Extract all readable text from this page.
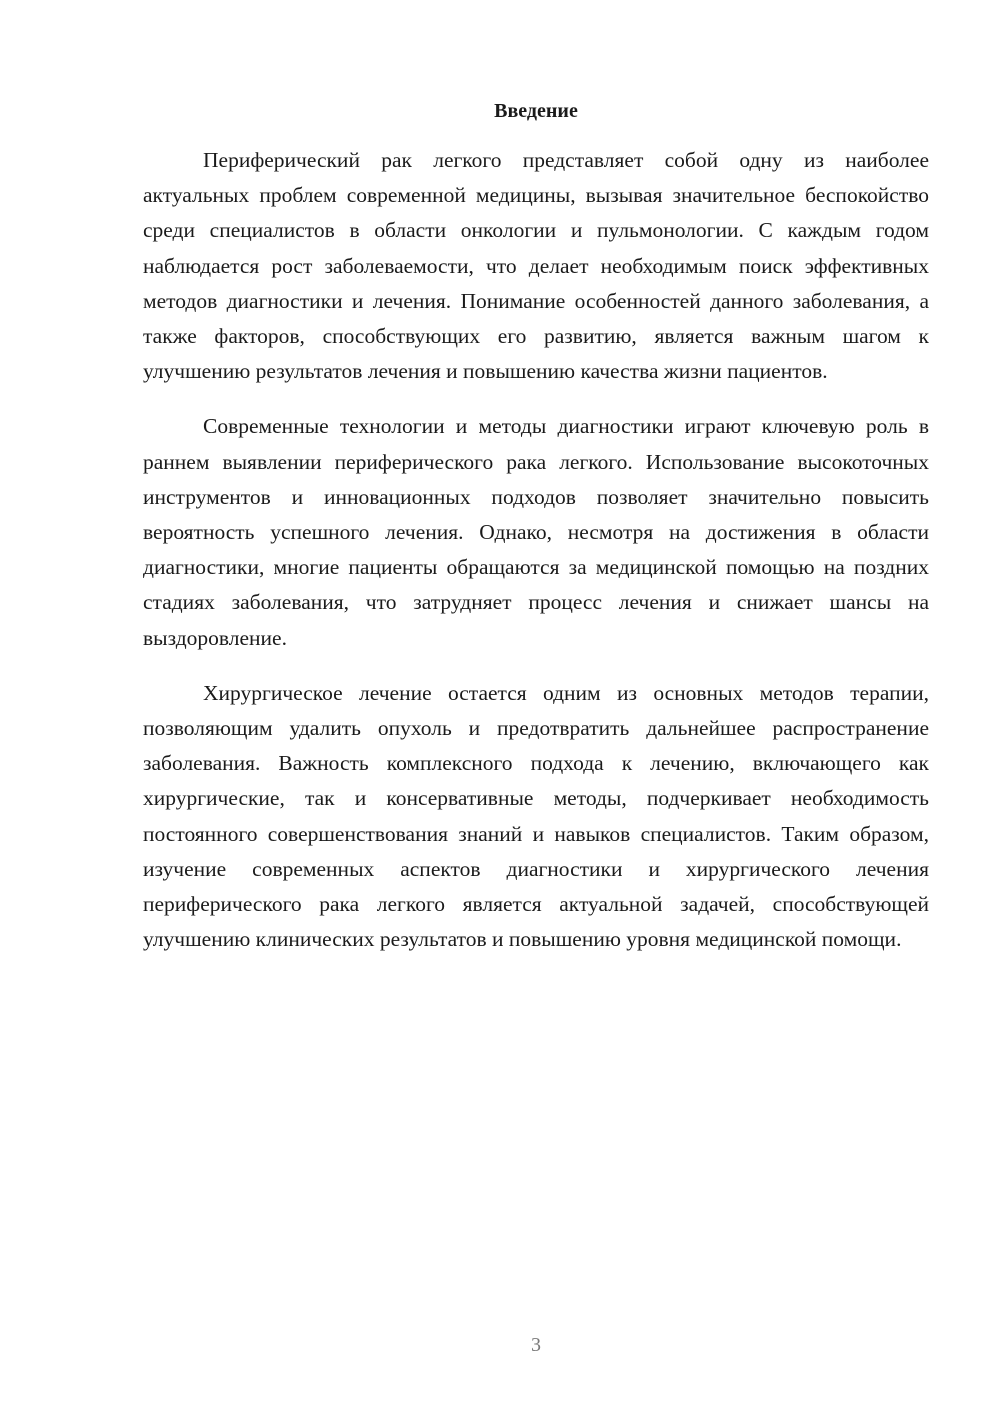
Введение

Периферический рак легкого представляет собой одну из наиболее актуальных проблем современной медицины, вызывая значительное беспокойство среди специалистов в области онкологии и пульмонологии. С каждым годом наблюдается рост заболеваемости, что делает необходимым поиск эффективных методов диагностики и лечения. Понимание особенностей данного заболевания, а также факторов, способствующих его развитию, является важным шагом к улучшению результатов лечения и повышению качества жизни пациентов.

Современные технологии и методы диагностики играют ключевую роль в раннем выявлении периферического рака легкого. Использование высокоточных инструментов и инновационных подходов позволяет значительно повысить вероятность успешного лечения. Однако, несмотря на достижения в области диагностики, многие пациенты обращаются за медицинской помощью на поздних стадиях заболевания, что затрудняет процесс лечения и снижает шансы на выздоровление.

Хирургическое лечение остается одним из основных методов терапии, позволяющим удалить опухоль и предотвратить дальнейшее распространение заболевания. Важность комплексного подхода к лечению, включающего как хирургические, так и консервативные методы, подчеркивает необходимость постоянного совершенствования знаний и навыков специалистов. Таким образом, изучение современных аспектов диагностики и хирургического лечения периферического рака легкого является актуальной задачей, способствующей улучшению клинических результатов и повышению уровня медицинской помощи.

3
